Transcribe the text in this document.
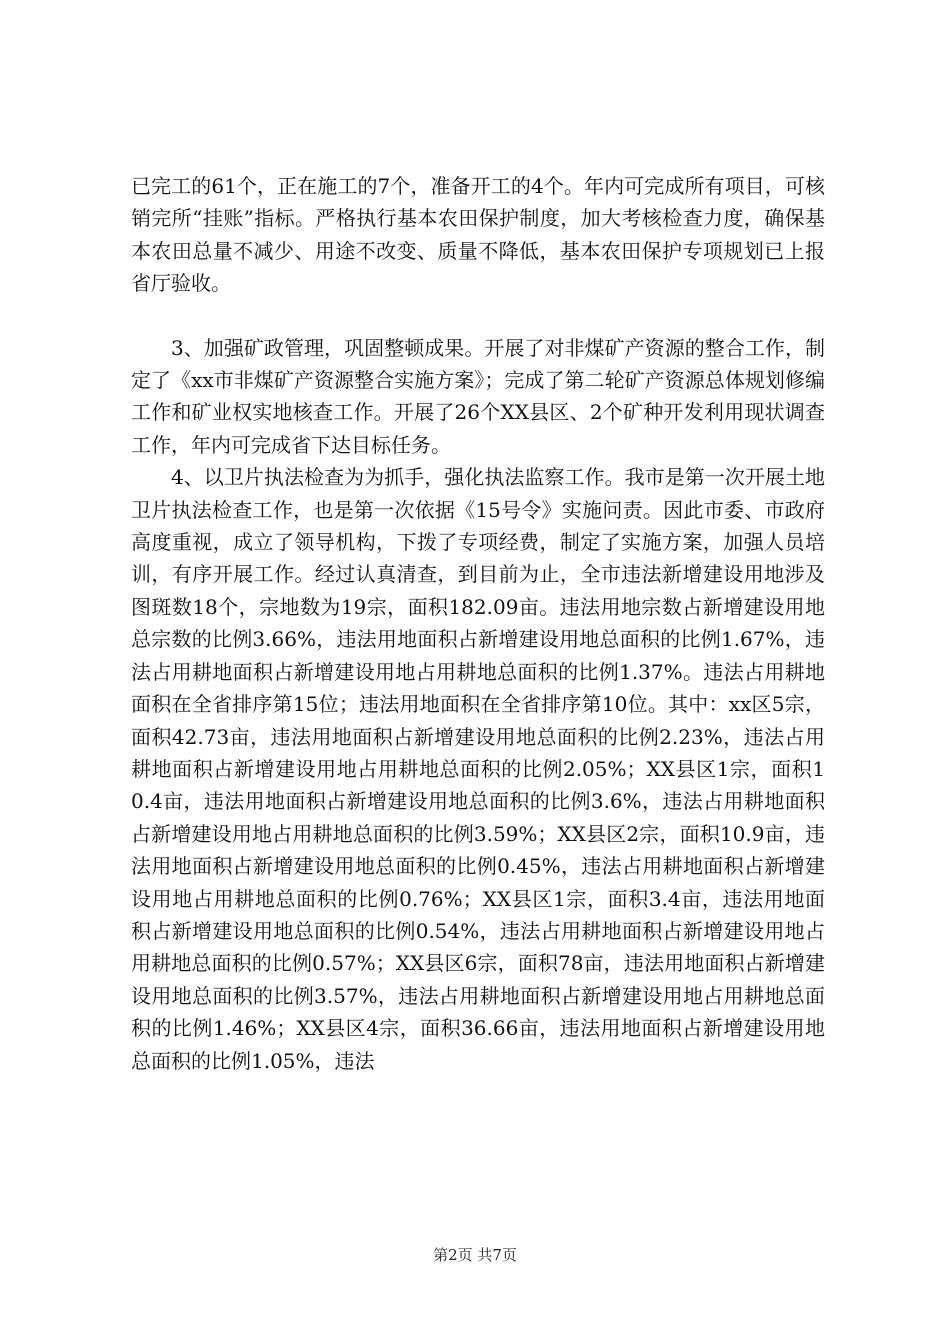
已完工的61个，正在施工的7个，准备开工的4个。年内可完成所有项目，可核销完所“挂账”指标。严格执行基本农田保护制度，加大考核检查力度，确保基本农田总量不减少、用途不改变、质量不降低，基本农田保护专项规划已上报省厅验收。

3、加强矿政管理，巩固整顿成果。开展了对非煤矿产资源的整合工作，制定了《xx市非煤矿产资源整合实施方案》；完成了第二轮矿产资源总体规划修编工作和矿业权实地核查工作。开展了26个XX县区、2个矿种开发利用现状调查工作，年内可完成省下达目标任务。

4、以卫片执法检查为为抓手，强化执法监察工作。我市是第一次开展土地卫片执法检查工作，也是第一次依据《15号令》实施问责。因此市委、市政府高度重视，成立了领导机构，下拨了专项经费，制定了实施方案，加强人员培训，有序开展工作。经过认真清查，到目前为止，全市违法新增建设用地涉及图斑数18个，宗地数为19宗，面积182.09亩。违法用地宗数占新增建设用地总宗数的比例3.66%，违法用地面积占新增建设用地总面积的比例1.67%，违法占用耕地面积占新增建设用地占用耕地总面积的比例1.37%。违法占用耕地面积在全省排序第15位；违法用地面积在全省排序第10位。其中：xx区5宗，面积42.73亩，违法用地面积占新增建设用地总面积的比例2.23%，违法占用耕地面积占新增建设用地占用耕地总面积的比例2.05%；XX县区1宗，面积10.4亩，违法用地面积占新增建设用地总面积的比例3.6%，违法占用耕地面积占新增建设用地占用耕地总面积的比例3.59%；XX县区2宗，面积10.9亩，违法用地面积占新增建设用地总面积的比例0.45%，违法占用耕地面积占新增建设用地占用耕地总面积的比例0.76%；XX县区1宗，面积3.4亩，违法用地面积占新增建设用地总面积的比例0.54%，违法占用耕地面积占新增建设用地占用耕地总面积的比例0.57%；XX县区6宗，面积78亩，违法用地面积占新增建设用地总面积的比例3.57%，违法占用耕地面积占新增建设用地占用耕地总面积的比例1.46%；XX县区4宗，面积36.66亩，违法用地面积占新增建设用地总面积的比例1.05%，违法

第2页 共7页
